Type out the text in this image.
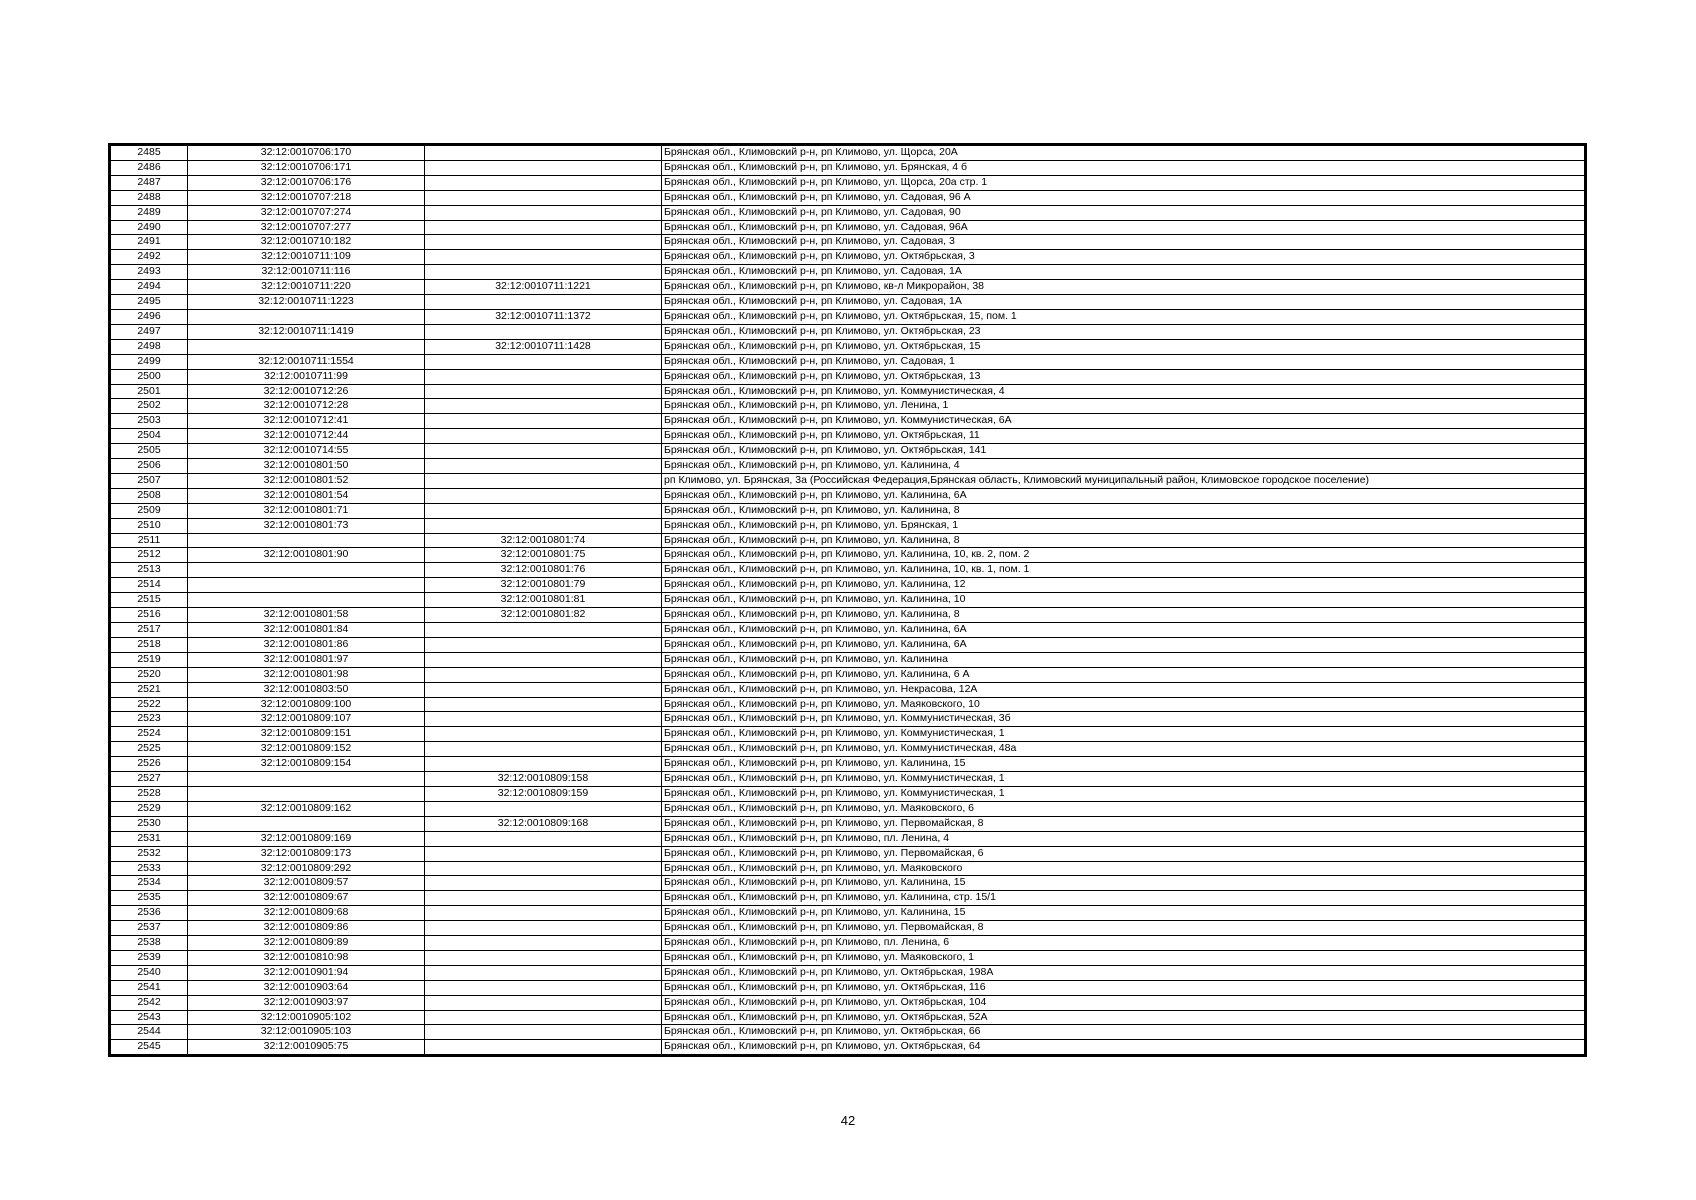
2485	32:12:0010706:170		Брянская обл., Климовский р-н, рп Климово, ул. Щорса, 20А
2486	32:12:0010706:171		Брянская обл., Климовский р-н, рп Климово, ул. Брянская, 4 б
2487	32:12:0010706:176		Брянская обл., Климовский р-н, рп Климово, ул. Щорса, 20а стр. 1
2488	32:12:0010707:218		Брянская обл., Климовский р-н, рп Климово, ул. Садовая, 96 А
2489	32:12:0010707:274		Брянская обл., Климовский р-н, рп Климово, ул. Садовая, 90
2490	32:12:0010707:277		Брянская обл., Климовский р-н, рп Климово, ул. Садовая, 96А
2491	32:12:0010710:182		Брянская обл., Климовский р-н, рп Климово, ул. Садовая, 3
2492	32:12:0010711:109		Брянская обл., Климовский р-н, рп Климово, ул. Октябрьская, 3
2493	32:12:0010711:116		Брянская обл., Климовский р-н, рп Климово, ул. Садовая, 1А
2494	32:12:0010711:220	32:12:0010711:1221	Брянская обл., Климовский р-н, рп Климово, кв-л Микрорайон, 38
2495	32:12:0010711:1223		Брянская обл., Климовский р-н, рп Климово, ул. Садовая, 1А
2496		32:12:0010711:1372	Брянская обл., Климовский р-н, рп Климово, ул. Октябрьская, 15, пом. 1
2497	32:12:0010711:1419		Брянская обл., Климовский р-н, рп Климово, ул. Октябрьская, 23
2498		32:12:0010711:1428	Брянская обл., Климовский р-н, рп Климово, ул. Октябрьская, 15
2499	32:12:0010711:1554		Брянская обл., Климовский р-н, рп Климово, ул. Садовая, 1
2500	32:12:0010711:99		Брянская обл., Климовский р-н, рп Климово, ул. Октябрьская, 13
2501	32:12:0010712:26		Брянская обл., Климовский р-н, рп Климово, ул. Коммунистическая, 4
2502	32:12:0010712:28		Брянская обл., Климовский р-н, рп Климово, ул. Ленина, 1
2503	32:12:0010712:41		Брянская обл., Климовский р-н, рп Климово, ул. Коммунистическая, 6А
2504	32:12:0010712:44		Брянская обл., Климовский р-н, рп Климово, ул. Октябрьская, 11
2505	32:12:0010714:55		Брянская обл., Климовский р-н, рп Климово, ул. Октябрьская, 141
2506	32:12:0010801:50		Брянская обл., Климовский р-н, рп Климово, ул. Калинина, 4
2507	32:12:0010801:52		рп Климово, ул. Брянская, 3а (Российская Федерация,Брянская область, Климовский муниципальный район, Климовское городское поселение)
2508	32:12:0010801:54		Брянская обл., Климовский р-н, рп Климово, ул. Калинина, 6А
2509	32:12:0010801:71		Брянская обл., Климовский р-н, рп Климово, ул. Калинина, 8
2510	32:12:0010801:73		Брянская обл., Климовский р-н, рп Климово, ул. Брянская, 1
2511		32:12:0010801:74	Брянская обл., Климовский р-н, рп Климово, ул. Калинина, 8
2512	32:12:0010801:90	32:12:0010801:75	Брянская обл., Климовский р-н, рп Климово, ул. Калинина, 10, кв. 2, пом. 2
2513		32:12:0010801:76	Брянская обл., Климовский р-н, рп Климово, ул. Калинина, 10, кв. 1, пом. 1
2514		32:12:0010801:79	Брянская обл., Климовский р-н, рп Климово, ул. Калинина, 12
2515		32:12:0010801:81	Брянская обл., Климовский р-н, рп Климово, ул. Калинина, 10
2516	32:12:0010801:58	32:12:0010801:82	Брянская обл., Климовский р-н, рп Климово, ул. Калинина, 8
2517	32:12:0010801:84		Брянская обл., Климовский р-н, рп Климово, ул. Калинина, 6А
2518	32:12:0010801:86		Брянская обл., Климовский р-н, рп Климово, ул. Калинина, 6А
2519	32:12:0010801:97		Брянская обл., Климовский р-н, рп Климово, ул. Калинина
2520	32:12:0010801:98		Брянская обл., Климовский р-н, рп Климово, ул. Калинина, 6 А
2521	32:12:0010803:50		Брянская обл., Климовский р-н, рп Климово, ул. Некрасова, 12А
2522	32:12:0010809:100		Брянская обл., Климовский р-н, рп Климово, ул. Маяковского, 10
2523	32:12:0010809:107		Брянская обл., Климовский р-н, рп Климово, ул. Коммунистическая, 3б
2524	32:12:0010809:151		Брянская обл., Климовский р-н, рп Климово, ул. Коммунистическая, 1
2525	32:12:0010809:152		Брянская обл., Климовский р-н, рп Климово, ул. Коммунистическая, 48а
2526	32:12:0010809:154		Брянская обл., Климовский р-н, рп Климово, ул. Калинина, 15
2527		32:12:0010809:158	Брянская обл., Климовский р-н, рп Климово, ул. Коммунистическая, 1
2528		32:12:0010809:159	Брянская обл., Климовский р-н, рп Климово, ул. Коммунистическая, 1
2529	32:12:0010809:162		Брянская обл., Климовский р-н, рп Климово, ул. Маяковского, 6
2530		32:12:0010809:168	Брянская обл., Климовский р-н, рп Климово, ул. Первомайская, 8
2531	32:12:0010809:169		Брянская обл., Климовский р-н, рп Климово, пл. Ленина, 4
2532	32:12:0010809:173		Брянская обл., Климовский р-н, рп Климово, ул. Первомайская, 6
2533	32:12:0010809:292		Брянская обл., Климовский р-н, рп Климово, ул. Маяковского
2534	32:12:0010809:57		Брянская обл., Климовский р-н, рп Климово, ул. Калинина, 15
2535	32:12:0010809:67		Брянская обл., Климовский р-н, рп Климово, ул. Калинина, стр. 15/1
2536	32:12:0010809:68		Брянская обл., Климовский р-н, рп Климово, ул. Калинина, 15
2537	32:12:0010809:86		Брянская обл., Климовский р-н, рп Климово, ул. Первомайская, 8
2538	32:12:0010809:89		Брянская обл., Климовский р-н, рп Климово, пл. Ленина, 6
2539	32:12:0010810:98		Брянская обл., Климовский р-н, рп Климово, ул. Маяковского, 1
2540	32:12:0010901:94		Брянская обл., Климовский р-н, рп Климово, ул. Октябрьская, 198А
2541	32:12:0010903:64		Брянская обл., Климовский р-н, рп Климово, ул. Октябрьская, 116
2542	32:12:0010903:97		Брянская обл., Климовский р-н, рп Климово, ул. Октябрьская, 104
2543	32:12:0010905:102		Брянская обл., Климовский р-н, рп Климово, ул. Октябрьская, 52А
2544	32:12:0010905:103		Брянская обл., Климовский р-н, рп Климово, ул. Октябрьская, 66
2545	32:12:0010905:75		Брянская обл., Климовский р-н, рп Климово, ул. Октябрьская, 64
42
